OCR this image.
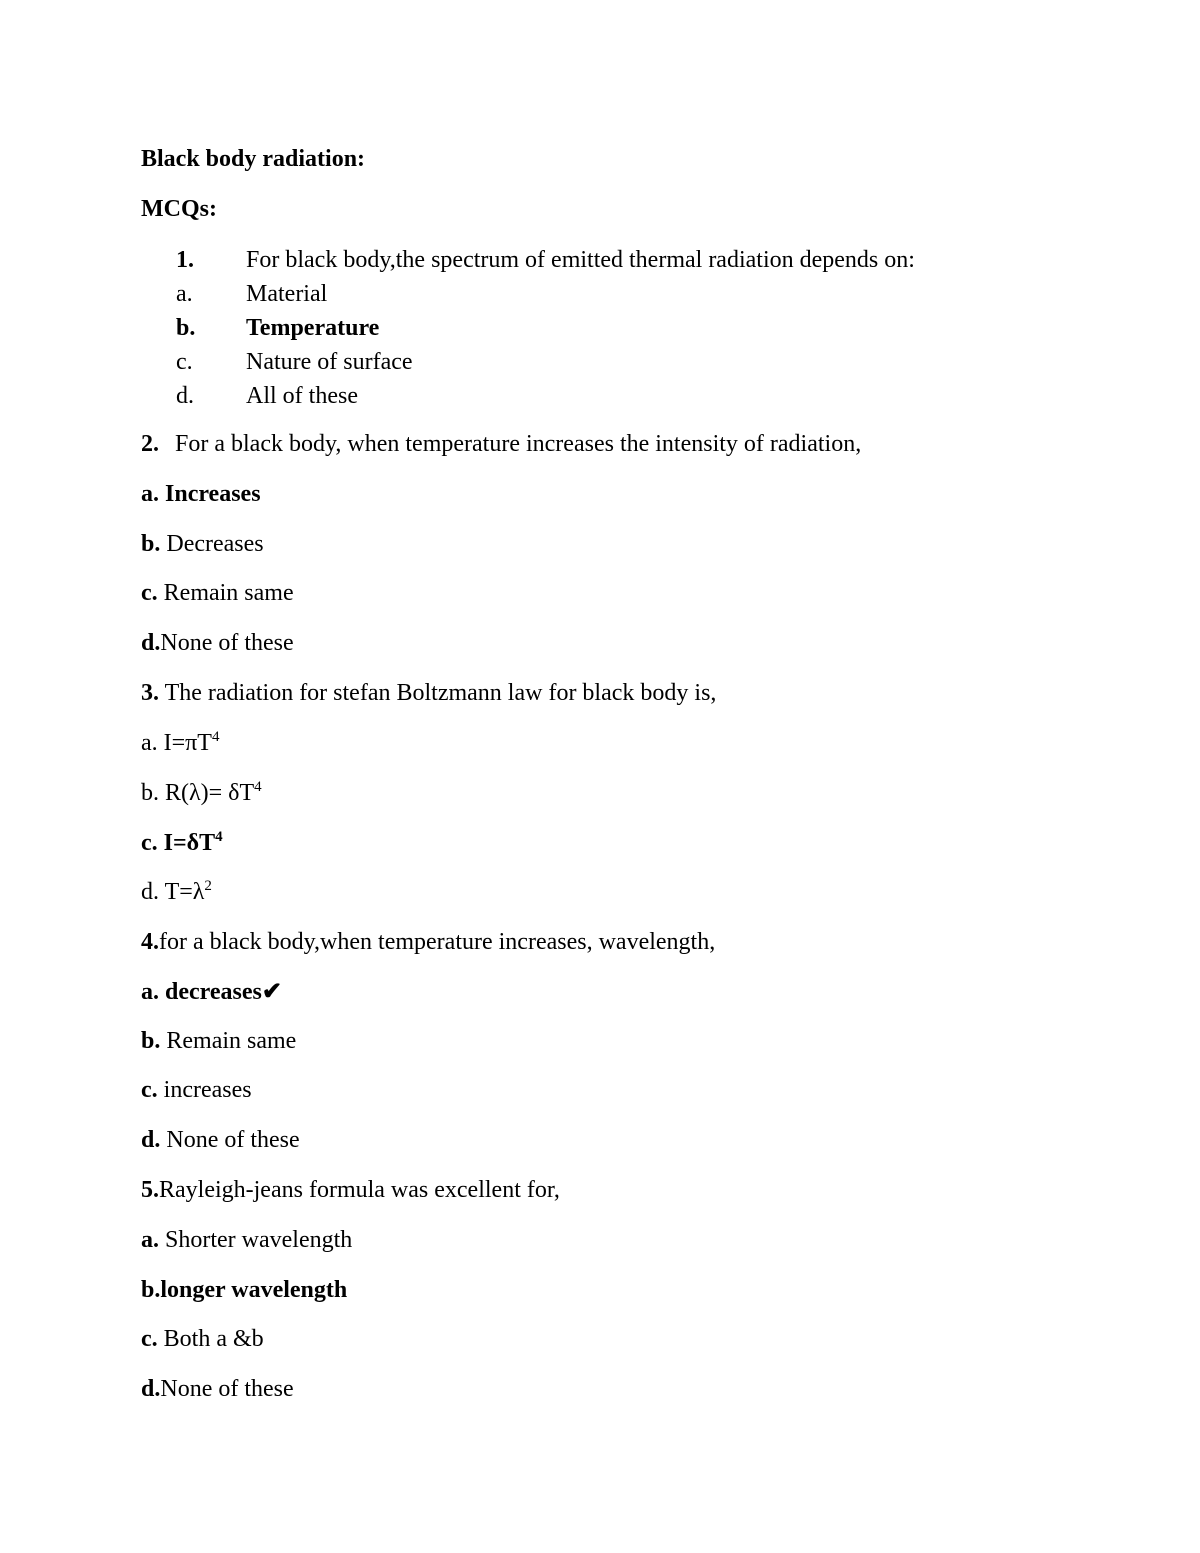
Black body radiation:
MCQs:
1. For black body,the spectrum of emitted thermal radiation depends on:
a. Material
b. Temperature
c. Nature of surface
d. All of these
2. For a black body, when temperature increases the intensity of radiation,
a. Increases
b. Decreases
c. Remain same
d.None of these
3. The radiation for stefan Boltzmann law for black body is,
a. $I=\pi T^4$
b. $R(\lambda)= \delta T^4$
c. $I=\delta T^4$
d. $T=\lambda^2$
4.for a black body,when temperature increases, wavelength,
a. decreases✔
b. Remain same
c. increases
d. None of these
5.Rayleigh-jeans formula was excellent for,
a. Shorter wavelength
b.longer wavelength
c. Both a &b
d.None of these
